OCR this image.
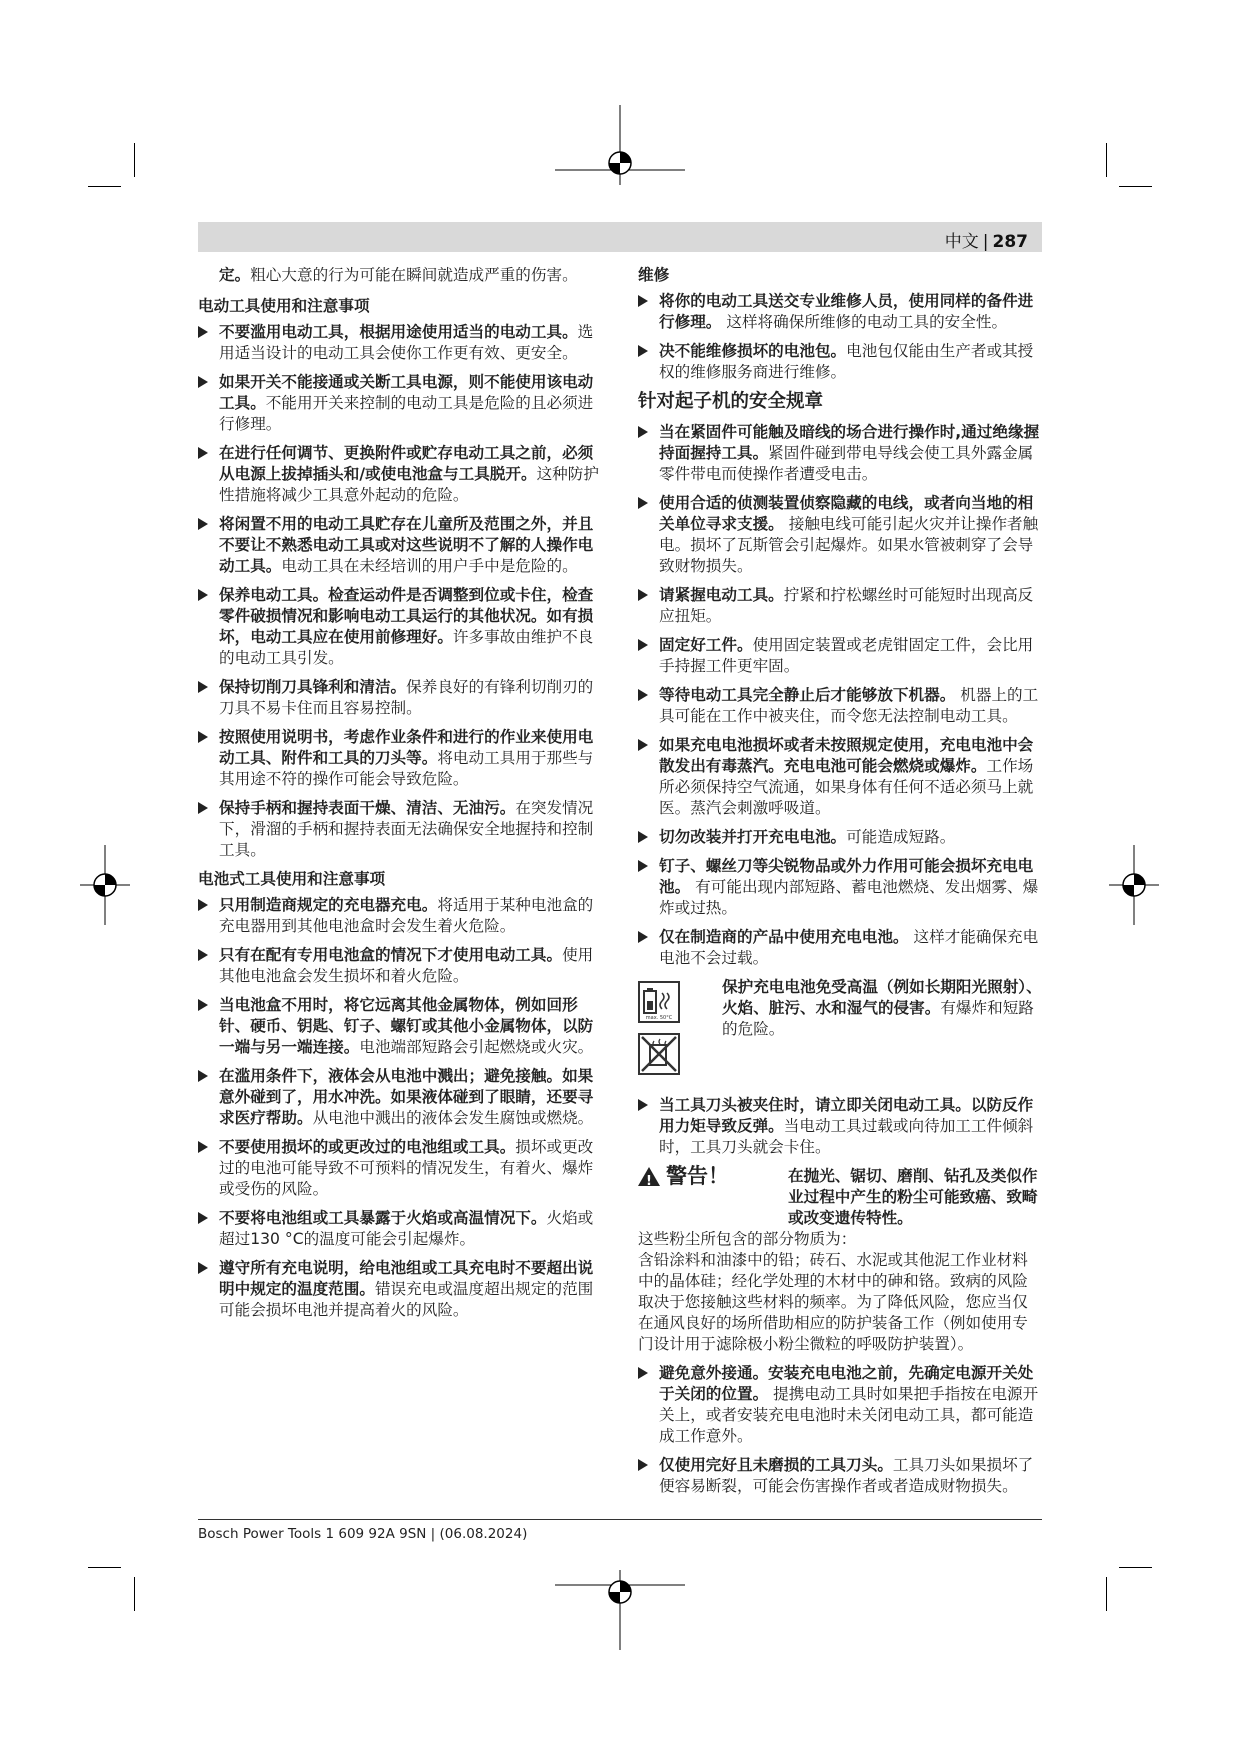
中文 | 287
定。粗心大意的行为可能在瞬间就造成严重的伤害。
电动工具使用和注意事项
不要滥用电动工具，根据用途使用适当的电动工具。选用适当设计的电动工具会使你工作更有效、更安全。
如果开关不能接通或关断工具电源，则不能使用该电动工具。不能用开关来控制的电动工具是危险的且必须进行修理。
在进行任何调节、更换附件或贮存电动工具之前，必须从电源上拔掉插头和/或使电池盒与工具脱开。这种防护性措施将减少工具意外起动的危险。
将闲置不用的电动工具贮存在儿童所及范围之外，并且不要让不熟悉电动工具或对这些说明不了解的人操作电动工具。电动工具在未经培训的用户手中是危险的。
保养电动工具。检查运动件是否调整到位或卡住，检查零件破损情况和影响电动工具运行的其他状况。如有损坏，电动工具应在使用前修理好。许多事故由维护不良的电动工具引发。
保持切削刀具锋利和清洁。保养良好的有锋利切削刃的刀具不易卡住而且容易控制。
按照使用说明书，考虑作业条件和进行的作业来使用电动工具、附件和工具的刀头等。将电动工具用于那些与其用途不符的操作可能会导致危险。
保持手柄和握持表面干燥、清洁、无油污。在突发情况下，滑溜的手柄和握持表面无法确保安全地握持和控制工具。
电池式工具使用和注意事项
只用制造商规定的充电器充电。将适用于某种电池盒的充电器用到其他电池盒时会发生着火危险。
只有在配有专用电池盒的情况下才使用电动工具。使用其他电池盒会发生损坏和着火危险。
当电池盒不用时，将它远离其他金属物体，例如回形针、硬币、钥匙、钉子、螺钉或其他小金属物体，以防一端与另一端连接。电池端部短路会引起燃烧或火灾。
在滥用条件下，液体会从电池中溅出；避免接触。如果意外碰到了，用水冲洗。如果液体碰到了眼睛，还要寻求医疗帮助。从电池中溅出的液体会发生腐蚀或燃烧。
不要使用损坏的或更改过的电池组或工具。损坏或更改过的电池可能导致不可预料的情况发生，有着火、爆炸或受伤的风险。
不要将电池组或工具暴露于火焰或高温情况下。火焰或超过130 °C的温度可能会引起爆炸。
遵守所有充电说明，给电池组或工具充电时不要超出说明中规定的温度范围。错误充电或温度超出规定的范围可能会损坏电池并提高着火的风险。
维修
将你的电动工具送交专业维修人员，使用同样的备件进行修理。 这样将确保所维修的电动工具的安全性。
决不能维修损坏的电池包。电池包仅能由生产者或其授权的维修服务商进行维修。
针对起子机的安全规章
当在紧固件可能触及暗线的场合进行操作时,通过绝缘握持面握持工具。紧固件碰到带电导线会使工具外露金属零件带电而使操作者遭受电击。
使用合适的侦测装置侦察隐藏的电线，或者向当地的相关单位寻求支援。 接触电线可能引起火灾并让操作者触电。损坏了瓦斯管会引起爆炸。如果水管被刺穿了会导致财物损失。
请紧握电动工具。拧紧和拧松螺丝时可能短时出现高反应扭矩。
固定好工件。使用固定装置或老虎钳固定工件，会比用手持握工件更牢固。
等待电动工具完全静止后才能够放下机器。 机器上的工具可能在工作中被夹住，而令您无法控制电动工具。
如果充电电池损坏或者未按照规定使用，充电电池中会散发出有毒蒸汽。充电电池可能会燃烧或爆炸。工作场所必须保持空气流通，如果身体有任何不适必须马上就医。蒸汽会刺激呼吸道。
切勿改装并打开充电电池。可能造成短路。
钉子、螺丝刀等尖锐物品或外力作用可能会损坏充电电池。 有可能出现内部短路、蓄电池燃烧、发出烟雾、爆炸或过热。
仅在制造商的产品中使用充电电池。 这样才能确保充电电池不会过载。
max. 50°C
保护充电电池免受高温（例如长期阳光照射）、火焰、脏污、水和湿气的侵害。有爆炸和短路的危险。
当工具刀头被夹住时，请立即关闭电动工具。以防反作用力矩导致反弹。当电动工具过载或向待加工工件倾斜时，工具刀头就会卡住。
! 警告！	在抛光、锯切、磨削、钻孔及类似作业过程中产生的粉尘可能致癌、致畸或改变遗传特性。
这些粉尘所包含的部分物质为：
含铅涂料和油漆中的铅；砖石、水泥或其他泥工作业材料中的晶体硅；经化学处理的木材中的砷和铬。致病的风险取决于您接触这些材料的频率。为了降低风险，您应当仅在通风良好的场所借助相应的防护装备工作（例如使用专门设计用于滤除极小粉尘微粒的呼吸防护装置）。
避免意外接通。安装充电电池之前，先确定电源开关处于关闭的位置。 提携电动工具时如果把手指按在电源开关上，或者安装充电电池时未关闭电动工具，都可能造成工作意外。
仅使用完好且未磨损的工具刀头。工具刀头如果损坏了便容易断裂，可能会伤害操作者或者造成财物损失。
Bosch Power Tools 1 609 92A 9SN | (06.08.2024)
